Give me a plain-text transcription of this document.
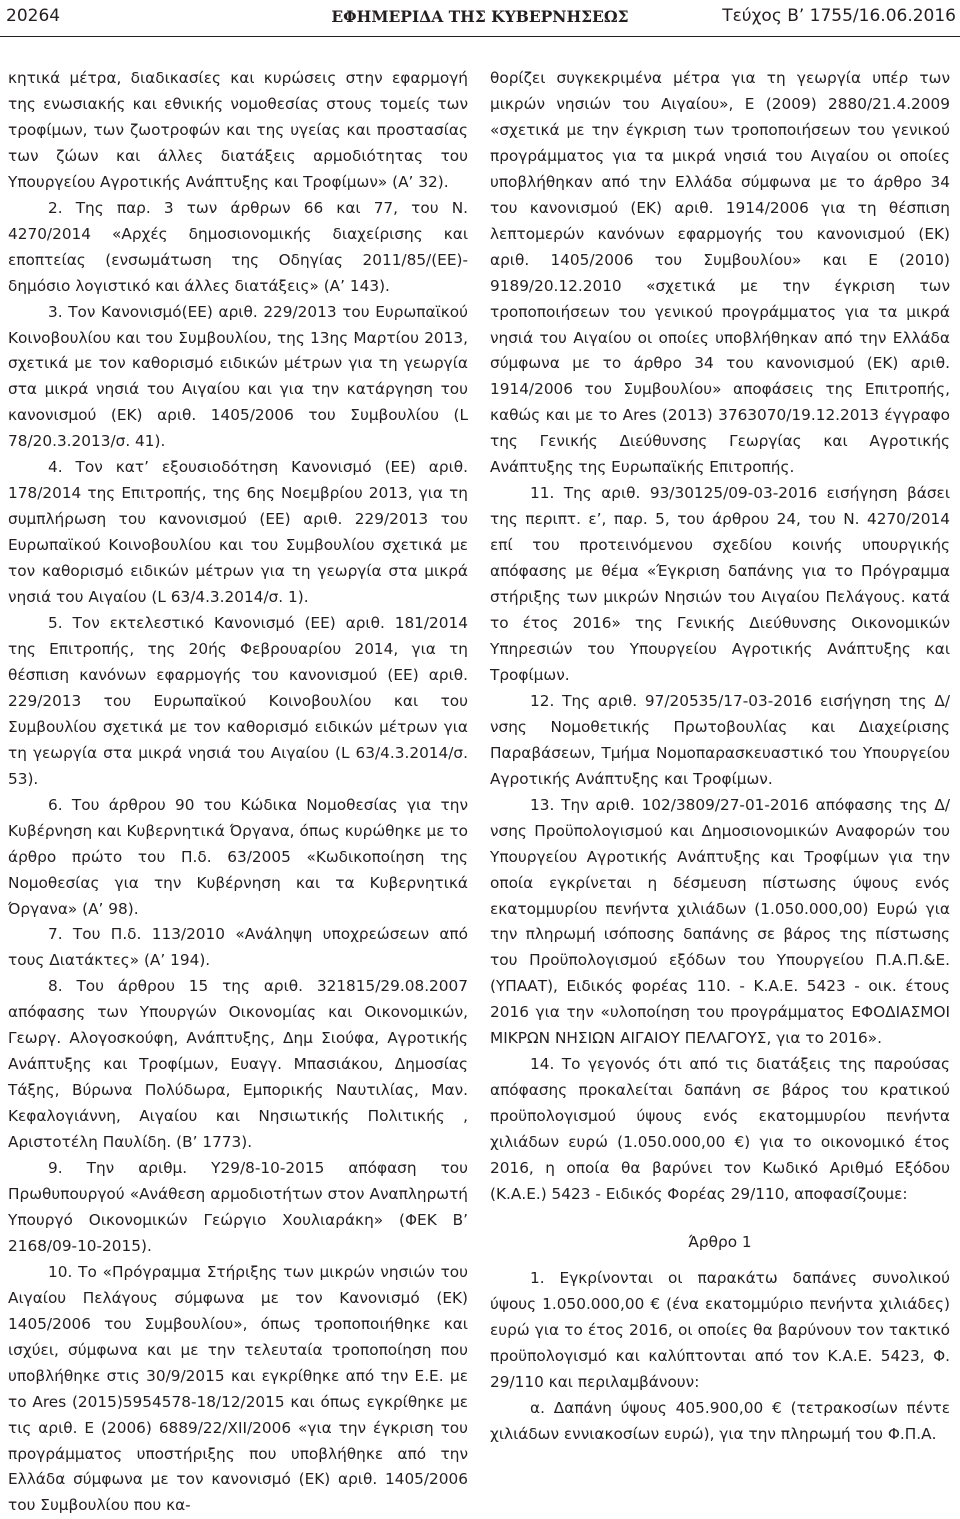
20264	ΕΦΗΜΕΡΙΔΑ ΤΗΣ ΚΥΒΕΡΝΗΣΕΩΣ	Τεύχος Β’ 1755/16.06.2016

κητικά μέτρα, διαδικασίες και κυρώσεις στην εφαρμογή της ενωσιακής και εθνικής νομοθεσίας στους τομείς των τροφίμων, των ζωοτροφών και της υγείας και προστασίας των ζώων και άλλες διατάξεις αρμοδιότητας του Υπουργείου Αγροτικής Ανάπτυξης και Τροφίμων» (Α’ 32).

2. Της παρ. 3 των άρθρων 66 και 77, του Ν. 4270/2014 «Αρχές δημοσιονομικής διαχείρισης και εποπτείας (ενσωμάτωση της Οδηγίας 2011/85/(ΕΕ)-δημόσιο λογιστικό και άλλες διατάξεις» (Α’ 143).

3. Τον Κανονισμό(ΕΕ) αριθ. 229/2013 του Ευρωπαϊκού Κοινοβουλίου και του Συμβουλίου, της 13ης Μαρτίου 2013, σχετικά με τον καθορισμό ειδικών μέτρων για τη γεωργία στα μικρά νησιά του Αιγαίου και για την κατάργηση του κανονισμού (ΕΚ) αριθ. 1405/2006 του Συμβουλίου (L 78/20.3.2013/σ. 41).

4. Τον κατ’ εξουσιοδότηση Κανονισμό (ΕΕ) αριθ. 178/2014 της Επιτροπής, της 6ης Νοεμβρίου 2013, για τη συμπλήρωση του κανονισμού (ΕΕ) αριθ. 229/2013 του Ευρωπαϊκού Κοινοβουλίου και του Συμβουλίου σχετικά με τον καθορισμό ειδικών μέτρων για τη γεωργία στα μικρά νησιά του Αιγαίου (L 63/4.3.2014/σ. 1).

5. Τον εκτελεστικό Κανονισμό (ΕΕ) αριθ. 181/2014 της Επιτροπής, της 20ής Φεβρουαρίου 2014, για τη θέσπιση κανόνων εφαρμογής του κανονισμού (ΕΕ) αριθ. 229/2013 του Ευρωπαϊκού Κοινοβουλίου και του Συμβουλίου σχετικά με τον καθορισμό ειδικών μέτρων για τη γεωργία στα μικρά νησιά του Αιγαίου (L 63/4.3.2014/σ. 53).

6. Του άρθρου 90 του Κώδικα Νομοθεσίας για την Κυβέρνηση και Κυβερνητικά Όργανα, όπως κυρώθηκε με το άρθρο πρώτο του Π.δ. 63/2005 «Κωδικοποίηση της Νομοθεσίας για την Κυβέρνηση και τα Κυβερνητικά Όργανα» (Α’ 98).

7. Του Π.δ. 113/2010 «Ανάληψη υποχρεώσεων από τους Διατάκτες» (Α’ 194).

8. Του άρθρου 15 της αριθ. 321815/29.08.2007 απόφασης των Υπουργών Οικονομίας και Οικονομικών, Γεωργ. Αλογοσκούφη, Ανάπτυξης, Δημ Σιούφα, Αγροτικής Ανάπτυξης και Τροφίμων, Ευαγγ. Μπασιάκου, Δημοσίας Τάξης, Βύρωνα Πολύδωρα, Εμπορικής Ναυτιλίας, Μαν. Κεφαλογιάννη, Αιγαίου και Νησιωτικής Πολιτικής , Αριστοτέλη Παυλίδη. (Β’ 1773).

9. Την αριθμ. Υ29/8-10-2015 απόφαση του Πρωθυπουργού «Ανάθεση αρμοδιοτήτων στον Αναπληρωτή Υπουργό Οικονομικών Γεώργιο Χουλιαράκη» (ΦΕΚ Β’ 2168/09-10-2015).

10. Το «Πρόγραμμα Στήριξης των μικρών νησιών του Αιγαίου Πελάγους σύμφωνα με τον Κανονισμό (ΕΚ) 1405/2006 του Συμβουλίου», όπως τροποποιήθηκε και ισχύει, σύμφωνα και με την τελευταία τροποποίηση που υποβλήθηκε στις 30/9/2015 και εγκρίθηκε από την Ε.Ε. με το Ares (2015)5954578-18/12/2015 και όπως εγκρίθηκε με τις αριθ. Ε (2006) 6889/22/ΧΙΙ/2006 «για την έγκριση του προγράμματος υποστήριξης που υποβλήθηκε από την Ελλάδα σύμφωνα με τον κανονισμό (ΕΚ) αριθ. 1405/2006 του Συμβουλίου που κα-

θορίζει συγκεκριμένα μέτρα για τη γεωργία υπέρ των μικρών νησιών του Αιγαίου», Ε (2009) 2880/21.4.2009 «σχετικά με την έγκριση των τροποποιήσεων του γενικού προγράμματος για τα μικρά νησιά του Αιγαίου οι οποίες υποβλήθηκαν από την Ελλάδα σύμφωνα με το άρθρο 34 του κανονισμού (ΕΚ) αριθ. 1914/2006 για τη θέσπιση λεπτομερών κανόνων εφαρμογής του κανονισμού (ΕΚ) αριθ. 1405/2006 του Συμβουλίου» και Ε (2010) 9189/20.12.2010 «σχετικά με την έγκριση των τροποποιήσεων του γενικού προγράμματος για τα μικρά νησιά του Αιγαίου οι οποίες υποβλήθηκαν από την Ελλάδα σύμφωνα με το άρθρο 34 του κανονισμού (ΕΚ) αριθ. 1914/2006 του Συμβουλίου» αποφάσεις της Επιτροπής, καθώς και με το Ares (2013) 3763070/19.12.2013 έγγραφο της Γενικής Διεύθυνσης Γεωργίας και Αγροτικής Ανάπτυξης της Ευρωπαϊκής Επιτροπής.

11. Της αριθ. 93/30125/09-03-2016 εισήγηση βάσει της περιπτ. ε’, παρ. 5, του άρθρου 24, του Ν. 4270/2014 επί του προτεινόμενου σχεδίου κοινής υπουργικής απόφασης με θέμα «Έγκριση δαπάνης για το Πρόγραμμα στήριξης των μικρών Νησιών του Αιγαίου Πελάγους. κατά το έτος 2016» της Γενικής Διεύθυνσης Οικονομικών Υπηρεσιών του Υπουργείου Αγροτικής Ανάπτυξης και Τροφίμων.

12. Της αριθ. 97/20535/17-03-2016 εισήγηση της Δ/νσης Νομοθετικής Πρωτοβουλίας και Διαχείρισης Παραβάσεων, Τμήμα Νομοπαρασκευαστικό του Υπουργείου Αγροτικής Ανάπτυξης και Τροφίμων.

13. Την αριθ. 102/3809/27-01-2016 απόφασης της Δ/νσης Προϋπολογισμού και Δημοσιονομικών Αναφορών του Υπουργείου Αγροτικής Ανάπτυξης και Τροφίμων για την οποία εγκρίνεται η δέσμευση πίστωσης ύψους ενός εκατομμυρίου πενήντα χιλιάδων (1.050.000,00) Ευρώ για την πληρωμή ισόποσης δαπάνης σε βάρος της πίστωσης του Προϋπολογισμού εξόδων του Υπουργείου Π.Α.Π.&Ε. (ΥΠΑΑΤ), Ειδικός φορέας 110. - Κ.Α.Ε. 5423 - οικ. έτους 2016 για την «υλοποίηση του προγράμματος ΕΦΟΔΙΑΣΜΟΙ ΜΙΚΡΩΝ ΝΗΣΙΩΝ ΑΙΓΑΙΟΥ ΠΕΛΑΓΟΥΣ, για το 2016».

14. Το γεγονός ότι από τις διατάξεις της παρούσας απόφασης προκαλείται δαπάνη σε βάρος του κρατικού προϋπολογισμού ύψους ενός εκατομμυρίου πενήντα χιλιάδων ευρώ (1.050.000,00 €) για το οικονομικό έτος 2016, η οποία θα βαρύνει τον Κωδικό Αριθμό Εξόδου (Κ.Α.Ε.) 5423 - Ειδικός Φορέας 29/110, αποφασίζουμε:

Άρθρο 1

1. Εγκρίνονται οι παρακάτω δαπάνες συνολικού ύψους 1.050.000,00 € (ένα εκατομμύριο πενήντα χιλιάδες) ευρώ για το έτος 2016, οι οποίες θα βαρύνουν τον τακτικό προϋπολογισμό και καλύπτονται από τον Κ.Α.Ε. 5423, Φ. 29/110 και περιλαμβάνουν:

α. Δαπάνη ύψους 405.900,00 € (τετρακοσίων πέντε χιλιάδων εννιακοσίων ευρώ), για την πληρωμή του Φ.Π.Α.
